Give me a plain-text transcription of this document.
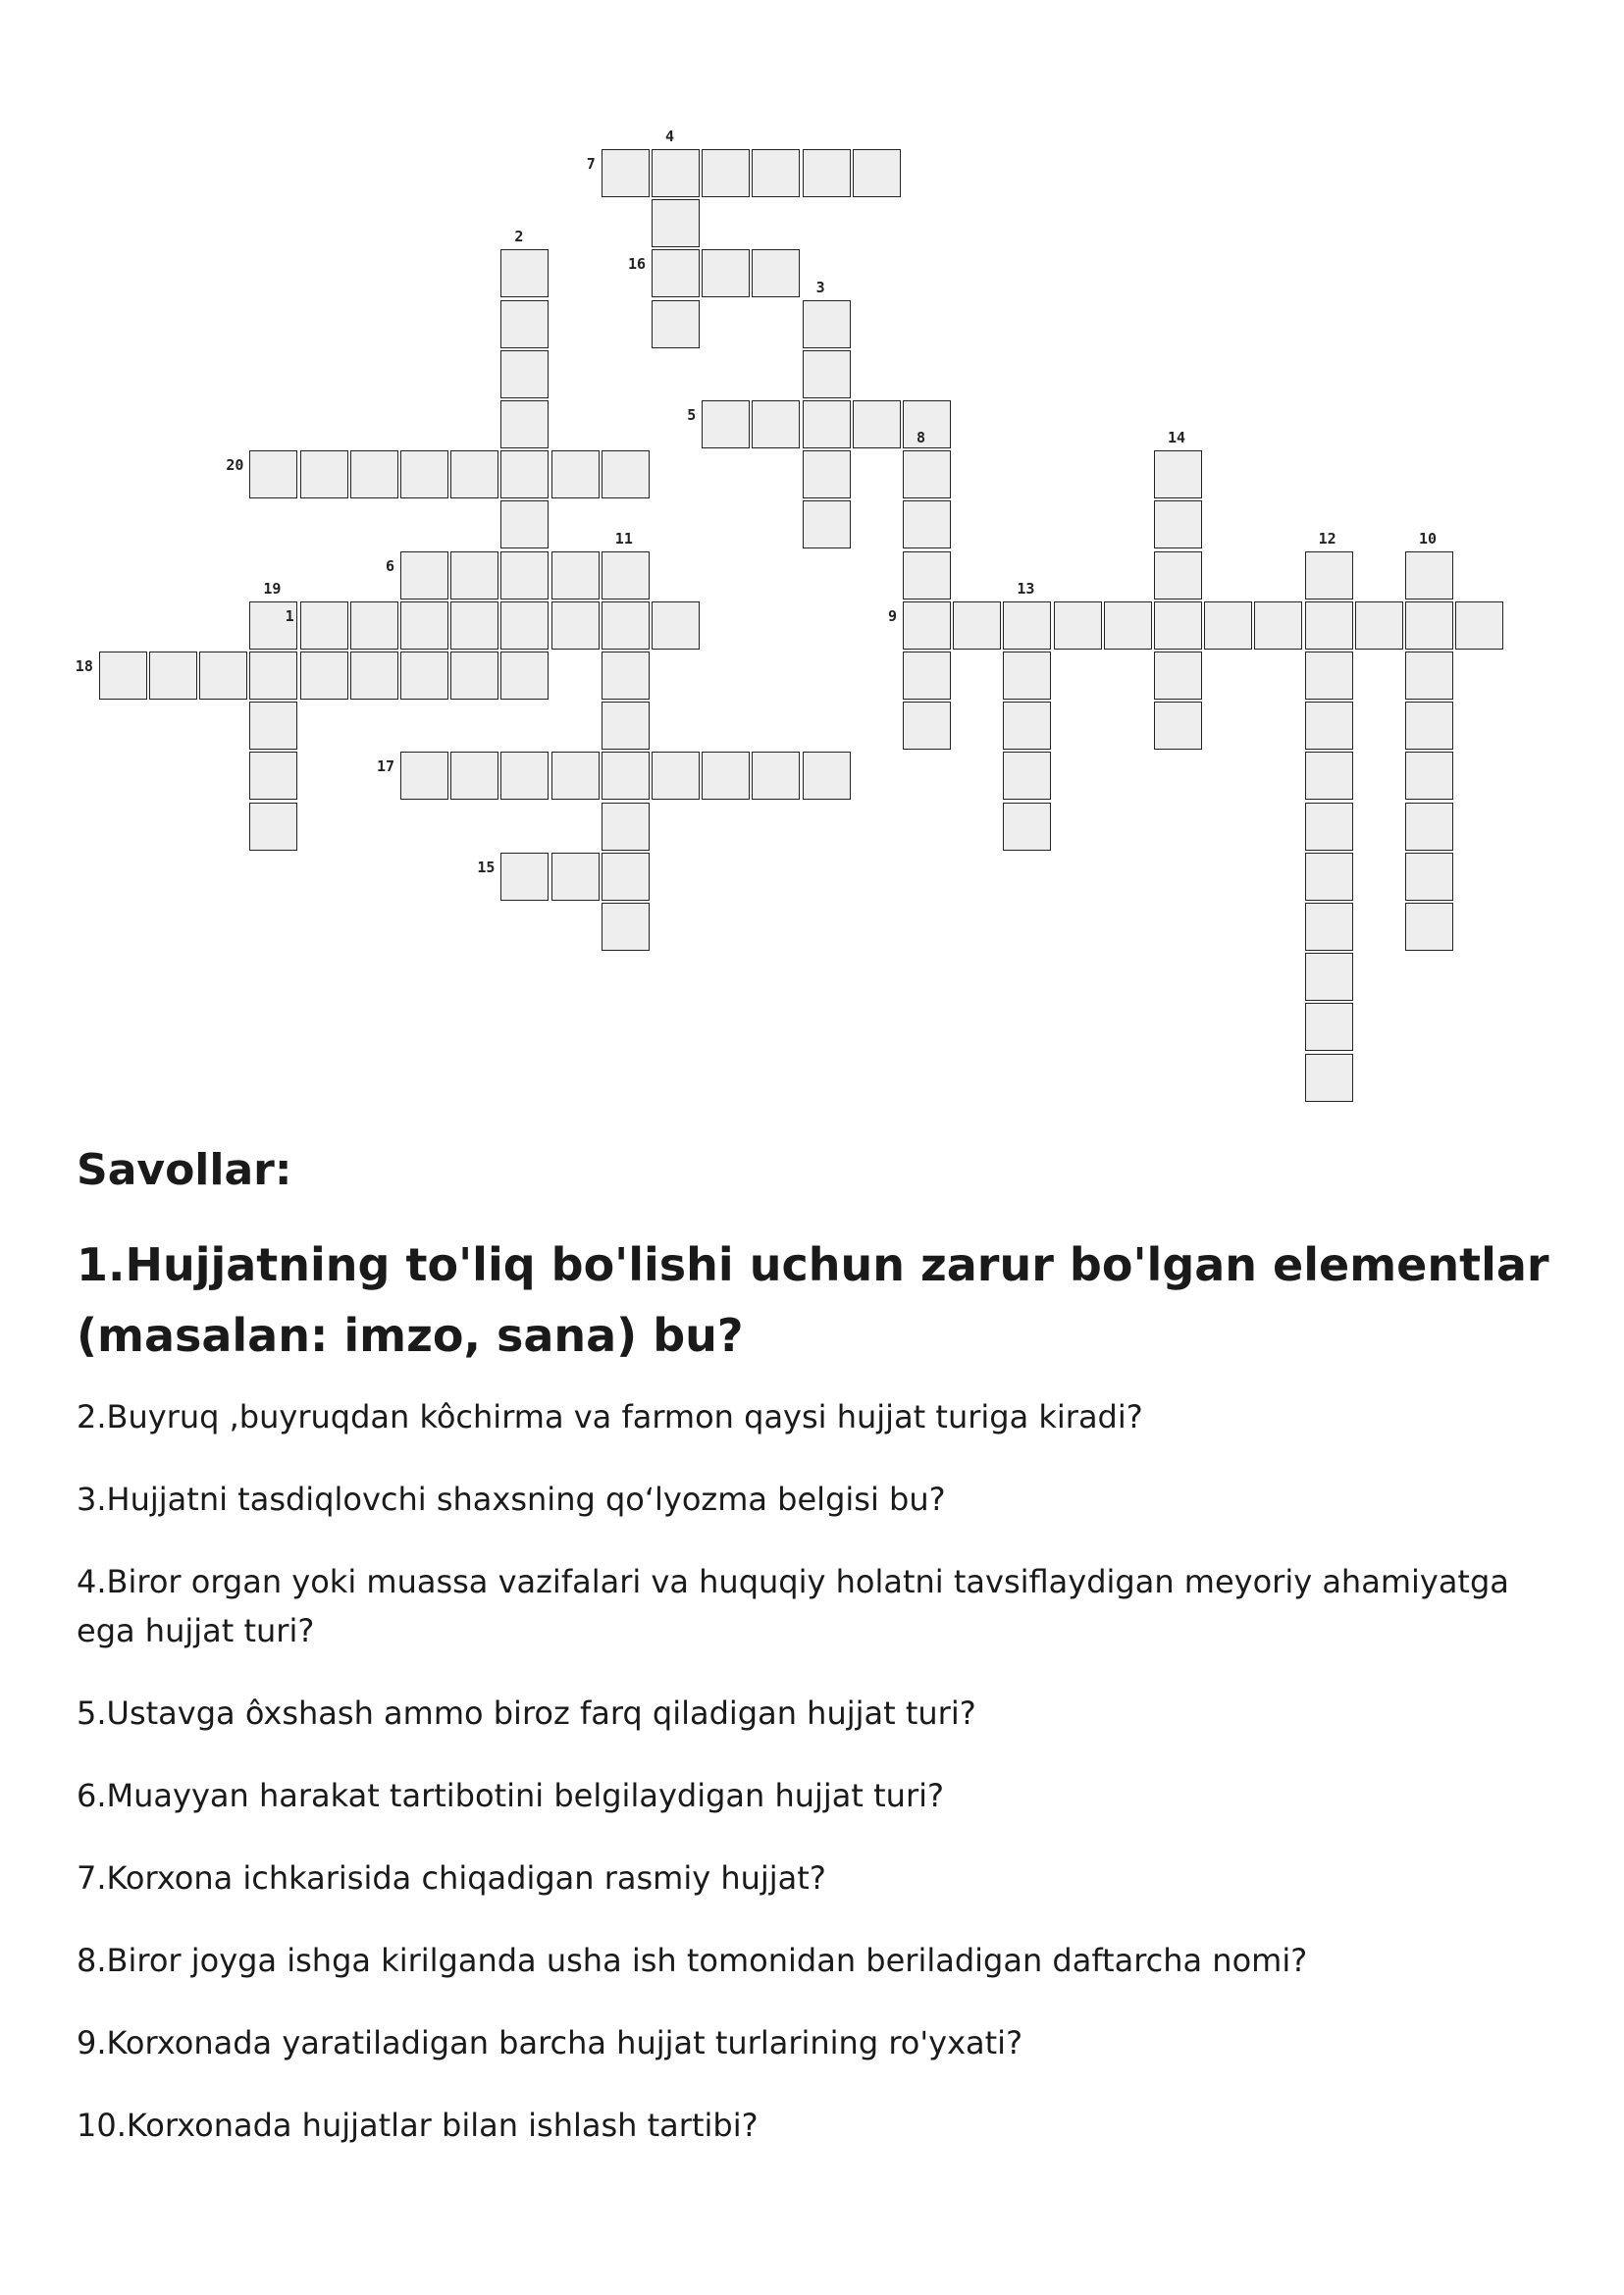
1
2
3
4
5
6
7
8
9
10
11	12
13
14
15
16
17
18
19
20
Savollar:
1.Hujjatning to'liq bo'lishi uchun zarur bo'lgan elementlar (masalan: imzo, sana) bu?
2.Buyruq ,buyruqdan kôchirma va farmon qaysi hujjat turiga kiradi?
3.Hujjatni tasdiqlovchi shaxsning qoʻlyozma belgisi bu?
4.Biror organ yoki muassa vazifalari va huquqiy holatni tavsiflaydigan meyoriy ahamiyatga ega hujjat turi?
5.Ustavga ôxshash ammo biroz farq qiladigan hujjat turi?
6.Muayyan harakat tartibotini belgilaydigan hujjat turi?
7.Korxona ichkarisida chiqadigan rasmiy hujjat?
8.Biror joyga ishga kirilganda usha ish tomonidan beriladigan daftarcha nomi?
9.Korxonada yaratiladigan barcha hujjat turlarining ro'yxati?
10.Korxonada hujjatlar bilan ishlash tartibi?
